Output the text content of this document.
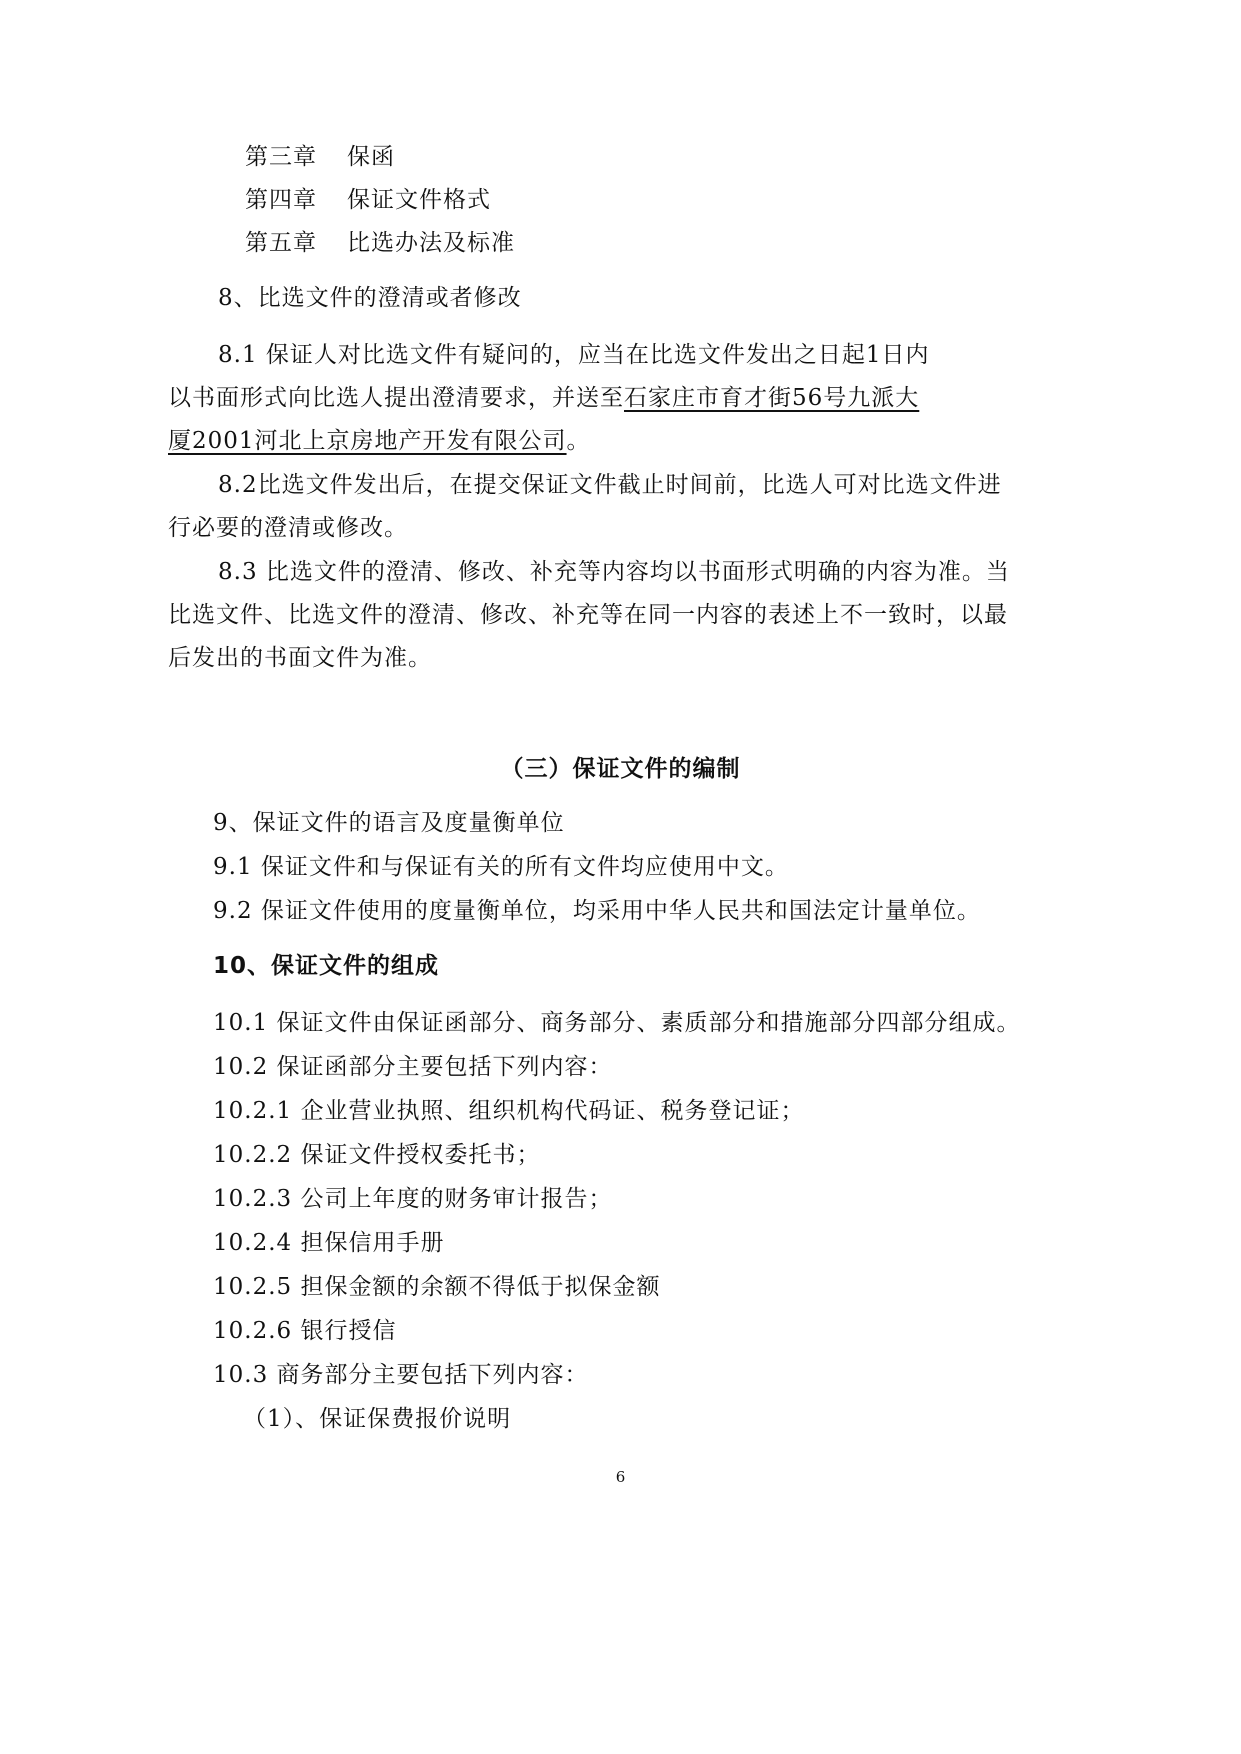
第三章 保函
第四章 保证文件格式
第五章 比选办法及标准
8、比选文件的澄清或者修改
8.1 保证人对比选文件有疑问的，应当在比选文件发出之日起1日内
以书面形式向比选人提出澄清要求，并送至石家庄市育才街56号九派大
厦2001河北上京房地产开发有限公司。
8.2比选文件发出后，在提交保证文件截止时间前，比选人可对比选文件进
行必要的澄清或修改。
8.3 比选文件的澄清、修改、补充等内容均以书面形式明确的内容为准。当
比选文件、比选文件的澄清、修改、补充等在同一内容的表述上不一致时，以最
后发出的书面文件为准。
（三）保证文件的编制
9、保证文件的语言及度量衡单位
9.1 保证文件和与保证有关的所有文件均应使用中文。
9.2 保证文件使用的度量衡单位，均采用中华人民共和国法定计量单位。
10、保证文件的组成
10.1 保证文件由保证函部分、商务部分、素质部分和措施部分四部分组成。
10.2 保证函部分主要包括下列内容：
10.2.1 企业营业执照、组织机构代码证、税务登记证；
10.2.2 保证文件授权委托书；
10.2.3 公司上年度的财务审计报告；
10.2.4 担保信用手册
10.2.5 担保金额的余额不得低于拟保金额
10.2.6 银行授信
10.3 商务部分主要包括下列内容：
（1）、保证保费报价说明
6
